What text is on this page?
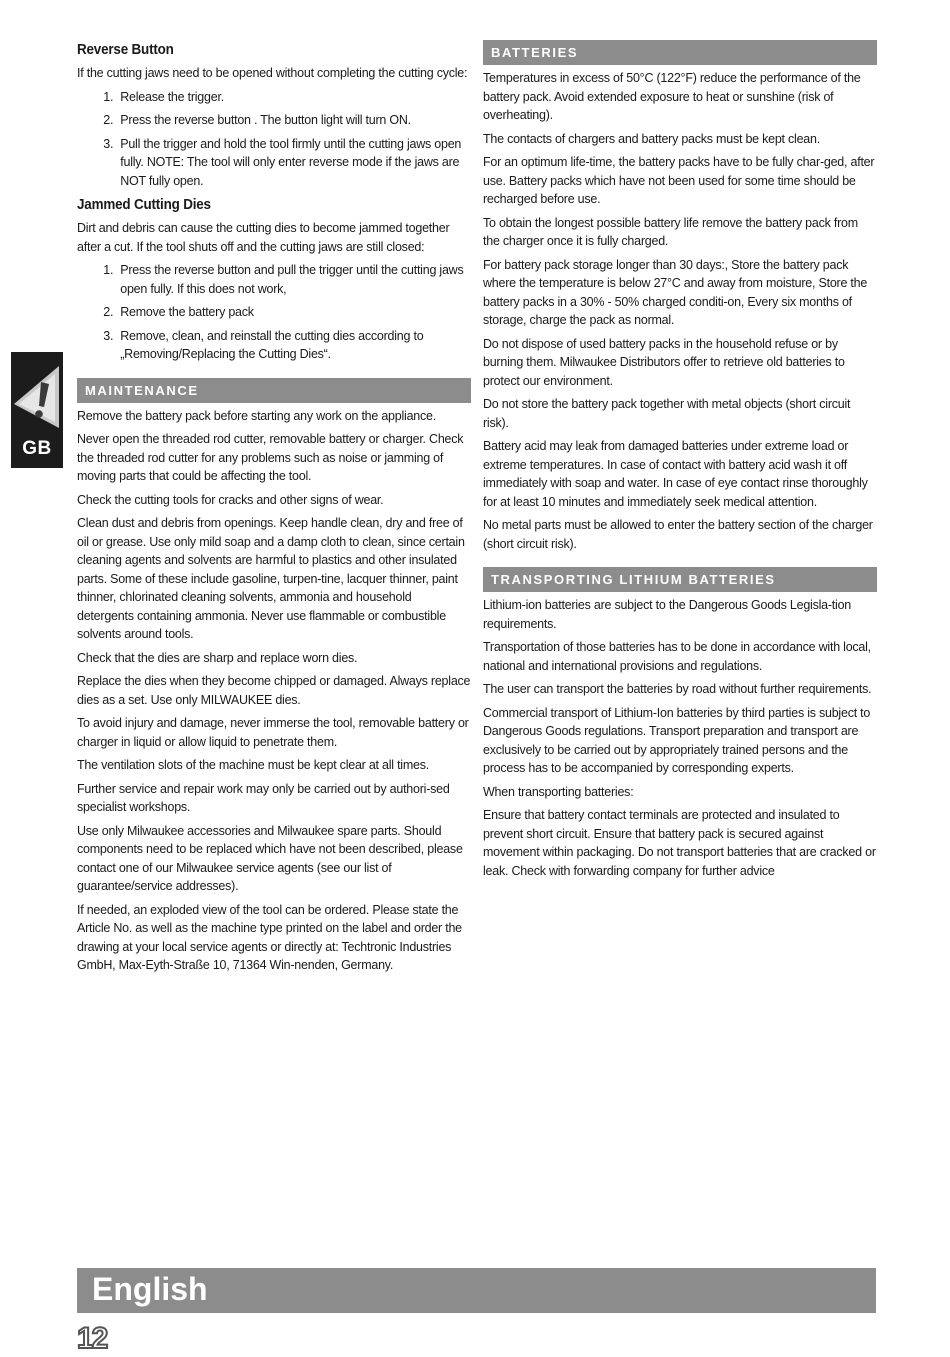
Reverse Button

If the cutting jaws need to be opened without completing the cutting cycle:

1. Release the trigger.
2. Press the reverse button . The button light will turn ON.
3. Pull the trigger and hold the tool firmly until the cutting jaws open fully. NOTE: The tool will only enter reverse mode if the jaws are NOT fully open.
Jammed Cutting Dies

Dirt and debris can cause the cutting dies to become jammed together after a cut. If the tool shuts off and the cutting jaws are still closed:

1. Press the reverse button and pull the trigger until the cutting jaws open fully. If this does not work,
2. Remove the battery pack
3. Remove, clean, and reinstall the cutting dies according to „Removing/Replacing the Cutting Dies“.
MAINTENANCE

Remove the battery pack before starting any work on the appliance.

Never open the threaded rod cutter, removable battery or charger. Check the threaded rod cutter for any problems such as noise or jamming of moving parts that could be affecting the tool.

Check the cutting tools for cracks and other signs of wear.

Clean dust and debris from openings. Keep handle clean, dry and free of oil or grease. Use only mild soap and a damp cloth to clean, since certain cleaning agents and solvents are harmful to plastics and other insulated parts. Some of these include gasoline, turpen-tine, lacquer thinner, paint thinner, chlorinated cleaning solvents, ammonia and household detergents containing ammonia. Never use flammable or combustible solvents around tools.

Check that the dies are sharp and replace worn dies.

Replace the dies when they become chipped or damaged. Always replace dies as a set. Use only MILWAUKEE dies.

To avoid injury and damage, never immerse the tool, removable battery or charger in liquid or allow liquid to penetrate them.

The ventilation slots of the machine must be kept clear at all times.

Further service and repair work may only be carried out by authori-sed specialist workshops.

Use only Milwaukee accessories and Milwaukee spare parts. Should components need to be replaced which have not been described, please contact one of our Milwaukee service agents (see our list of guarantee/service addresses).

If needed, an exploded view of the tool can be ordered. Please state the Article No. as well as the machine type printed on the label and order the drawing at your local service agents or directly at: Techtronic Industries GmbH, Max-Eyth-Straße 10, 71364 Win-nenden, Germany.

BATTERIES

Temperatures in excess of 50°C (122°F) reduce the performance of the battery pack. Avoid extended exposure to heat or sunshine (risk of overheating).

The contacts of chargers and battery packs must be kept clean.

For an optimum life-time, the battery packs have to be fully char-ged, after use. Battery packs which have not been used for some time should be recharged before use.

To obtain the longest possible battery life remove the battery pack from the charger once it is fully charged.

For battery pack storage longer than 30 days:, Store the battery pack where the temperature is below 27°C and away from moisture, Store the battery packs in a 30% - 50% charged conditi-on, Every six months of storage, charge the pack as normal.

Do not dispose of used battery packs in the household refuse or by burning them. Milwaukee Distributors offer to retrieve old batteries to protect our environment.

Do not store the battery pack together with metal objects (short circuit risk).

Battery acid may leak from damaged batteries under extreme load or extreme temperatures. In case of contact with battery acid wash it off immediately with soap and water. In case of eye contact rinse thoroughly for at least 10 minutes and immediately seek medical attention.

No metal parts must be allowed to enter the battery section of the charger (short circuit risk).

TRANSPORTING LITHIUM BATTERIES

Lithium-ion batteries are subject to the Dangerous Goods Legisla-tion requirements.

Transportation of those batteries has to be done in accordance with local, national and international provisions and regulations.

The user can transport the batteries by road without further requirements.

Commercial transport of Lithium-Ion batteries by third parties is subject to Dangerous Goods regulations. Transport preparation and transport are exclusively to be carried out by appropriately trained persons and the process has to be accompanied by corresponding experts.

When transporting batteries:

Ensure that battery contact terminals are protected and insulated to prevent short circuit. Ensure that battery pack is secured against movement within packaging. Do not transport batteries that are cracked or leak. Check with forwarding company for further advice

GB
English
12
